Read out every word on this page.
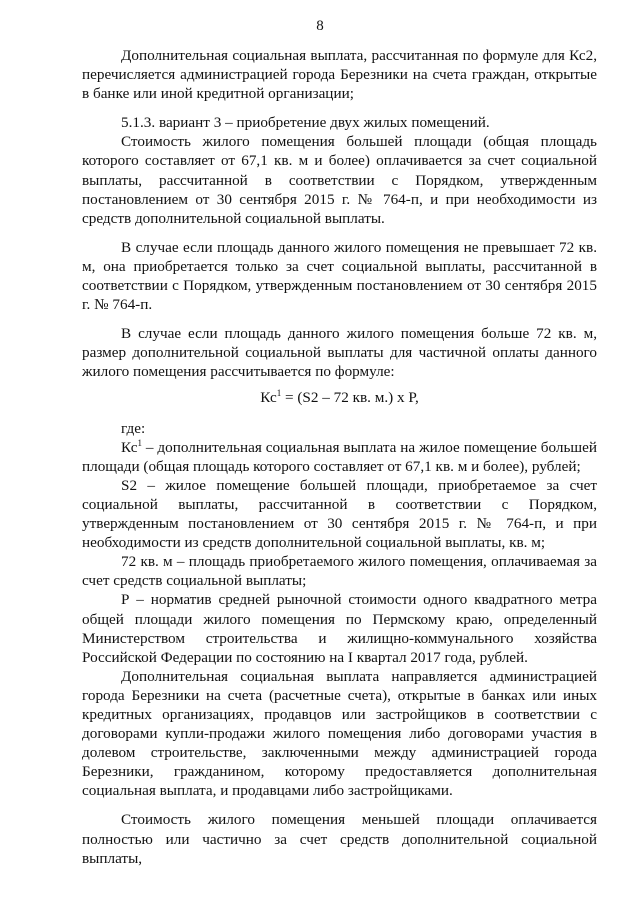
8

Дополнительная социальная выплата, рассчитанная по формуле для Кс2, перечисляется администрацией города Березники на счета граждан, открытые в банке или иной кредитной организации;

5.1.3. вариант 3 – приобретение двух жилых помещений.

Стоимость жилого помещения большей площади (общая площадь которого составляет от 67,1 кв. м и более) оплачивается за счет социальной выплаты, рассчитанной в соответствии с Порядком, утвержденным постановлением от 30 сентября 2015 г. № 764-п, и при необходимости из средств дополнительной социальной выплаты.

В случае если площадь данного жилого помещения не превышает 72 кв. м, она приобретается только за счет социальной выплаты, рассчитанной в соответствии с Порядком, утвержденным постановлением от 30 сентября 2015 г. № 764-п.

В случае если площадь данного жилого помещения больше 72 кв. м, размер дополнительной социальной выплаты для частичной оплаты данного жилого помещения рассчитывается по формуле:

$Кс^1 = (S2 - 72$ кв. м.) х Р,

где:

$Кс^1$ – дополнительная социальная выплата на жилое помещение большей площади (общая площадь которого составляет от 67,1 кв. м и более), рублей;

S2 – жилое помещение большей площади, приобретаемое за счет социальной выплаты, рассчитанной в соответствии с Порядком, утвержденным постановлением от 30 сентября 2015 г. № 764-п, и при необходимости из средств дополнительной социальной выплаты, кв. м;

72 кв. м – площадь приобретаемого жилого помещения, оплачиваемая за счет средств социальной выплаты;

Р – норматив средней рыночной стоимости одного квадратного метра общей площади жилого помещения по Пермскому краю, определенный Министерством строительства и жилищно-коммунального хозяйства Российской Федерации по состоянию на I квартал 2017 года, рублей.

Дополнительная социальная выплата направляется администрацией города Березники на счета (расчетные счета), открытые в банках или иных кредитных организациях, продавцов или застройщиков в соответствии с договорами купли-продажи жилого помещения либо договорами участия в долевом строительстве, заключенными между администрацией города Березники, гражданином, которому предоставляется дополнительная социальная выплата, и продавцами либо застройщиками.

Стоимость жилого помещения меньшей площади оплачивается полностью или частично за счет средств дополнительной социальной выплаты,
